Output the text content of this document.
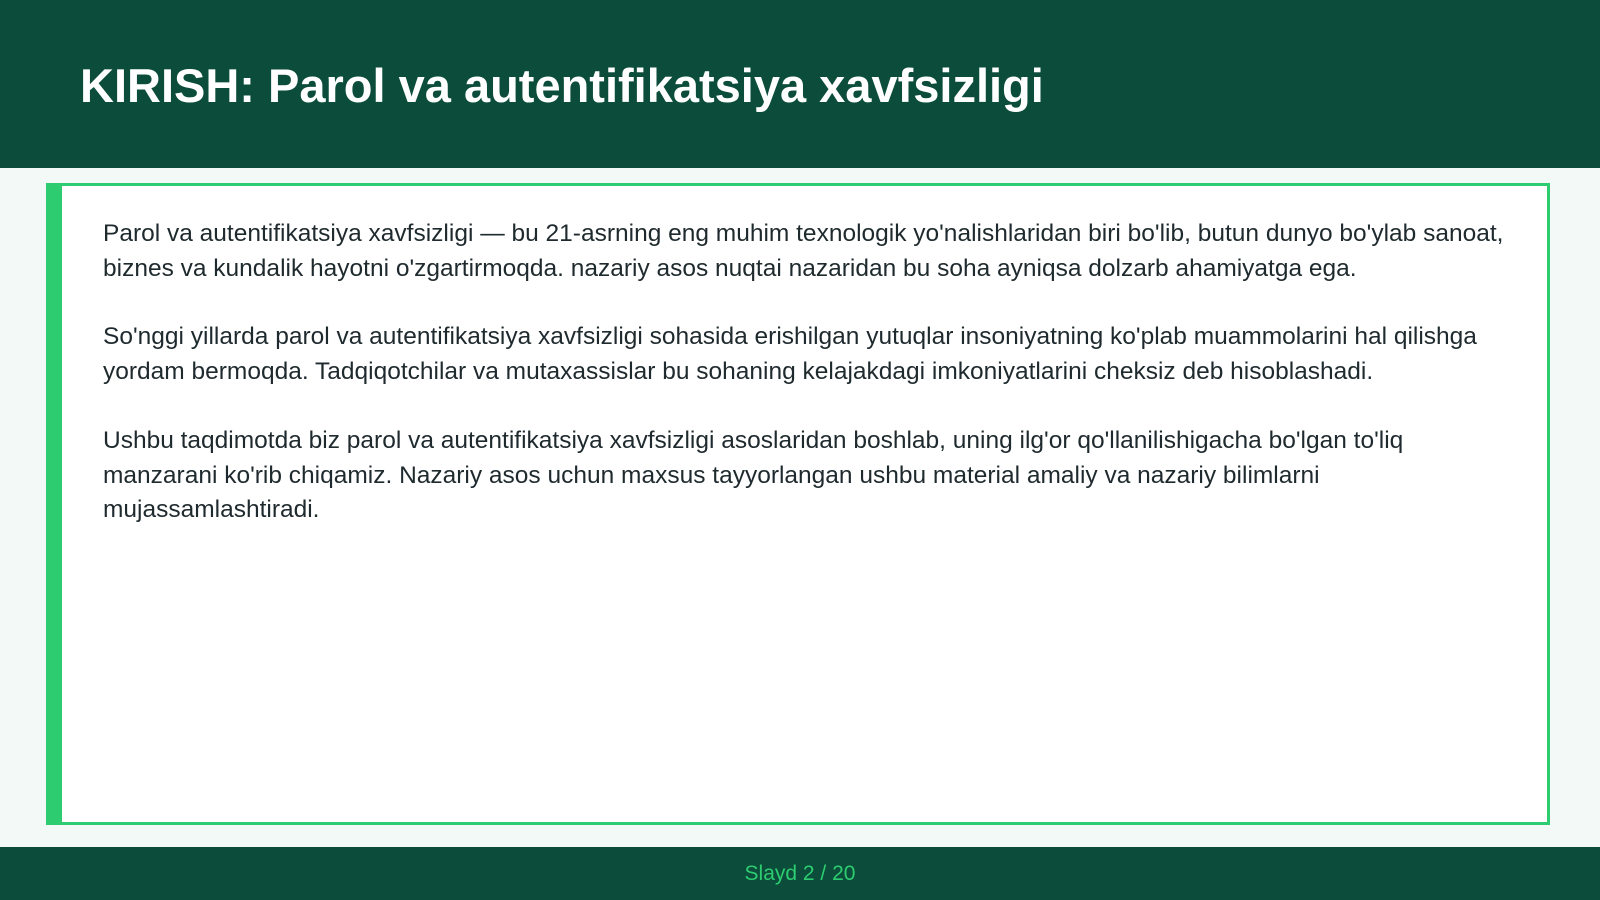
KIRISH: Parol va autentifikatsiya xavfsizligi

Parol va autentifikatsiya xavfsizligi — bu 21-asrning eng muhim texnologik yo'nalishlaridan biri bo'lib, butun dunyo bo'ylab sanoat, biznes va kundalik hayotni o'zgartirmoqda. nazariy asos nuqtai nazaridan bu soha ayniqsa dolzarb ahamiyatga ega.

So'nggi yillarda parol va autentifikatsiya xavfsizligi sohasida erishilgan yutuqlar insoniyatning ko'plab muammolarini hal qilishga yordam bermoqda. Tadqiqotchilar va mutaxassislar bu sohaning kelajakdagi imkoniyatlarini cheksiz deb hisoblashadi.

Ushbu taqdimotda biz parol va autentifikatsiya xavfsizligi asoslaridan boshlab, uning ilg'or qo'llanilishigacha bo'lgan to'liq manzarani ko'rib chiqamiz. Nazariy asos uchun maxsus tayyorlangan ushbu material amaliy va nazariy bilimlarni mujassamlashtiradi.

Slayd 2 / 20
